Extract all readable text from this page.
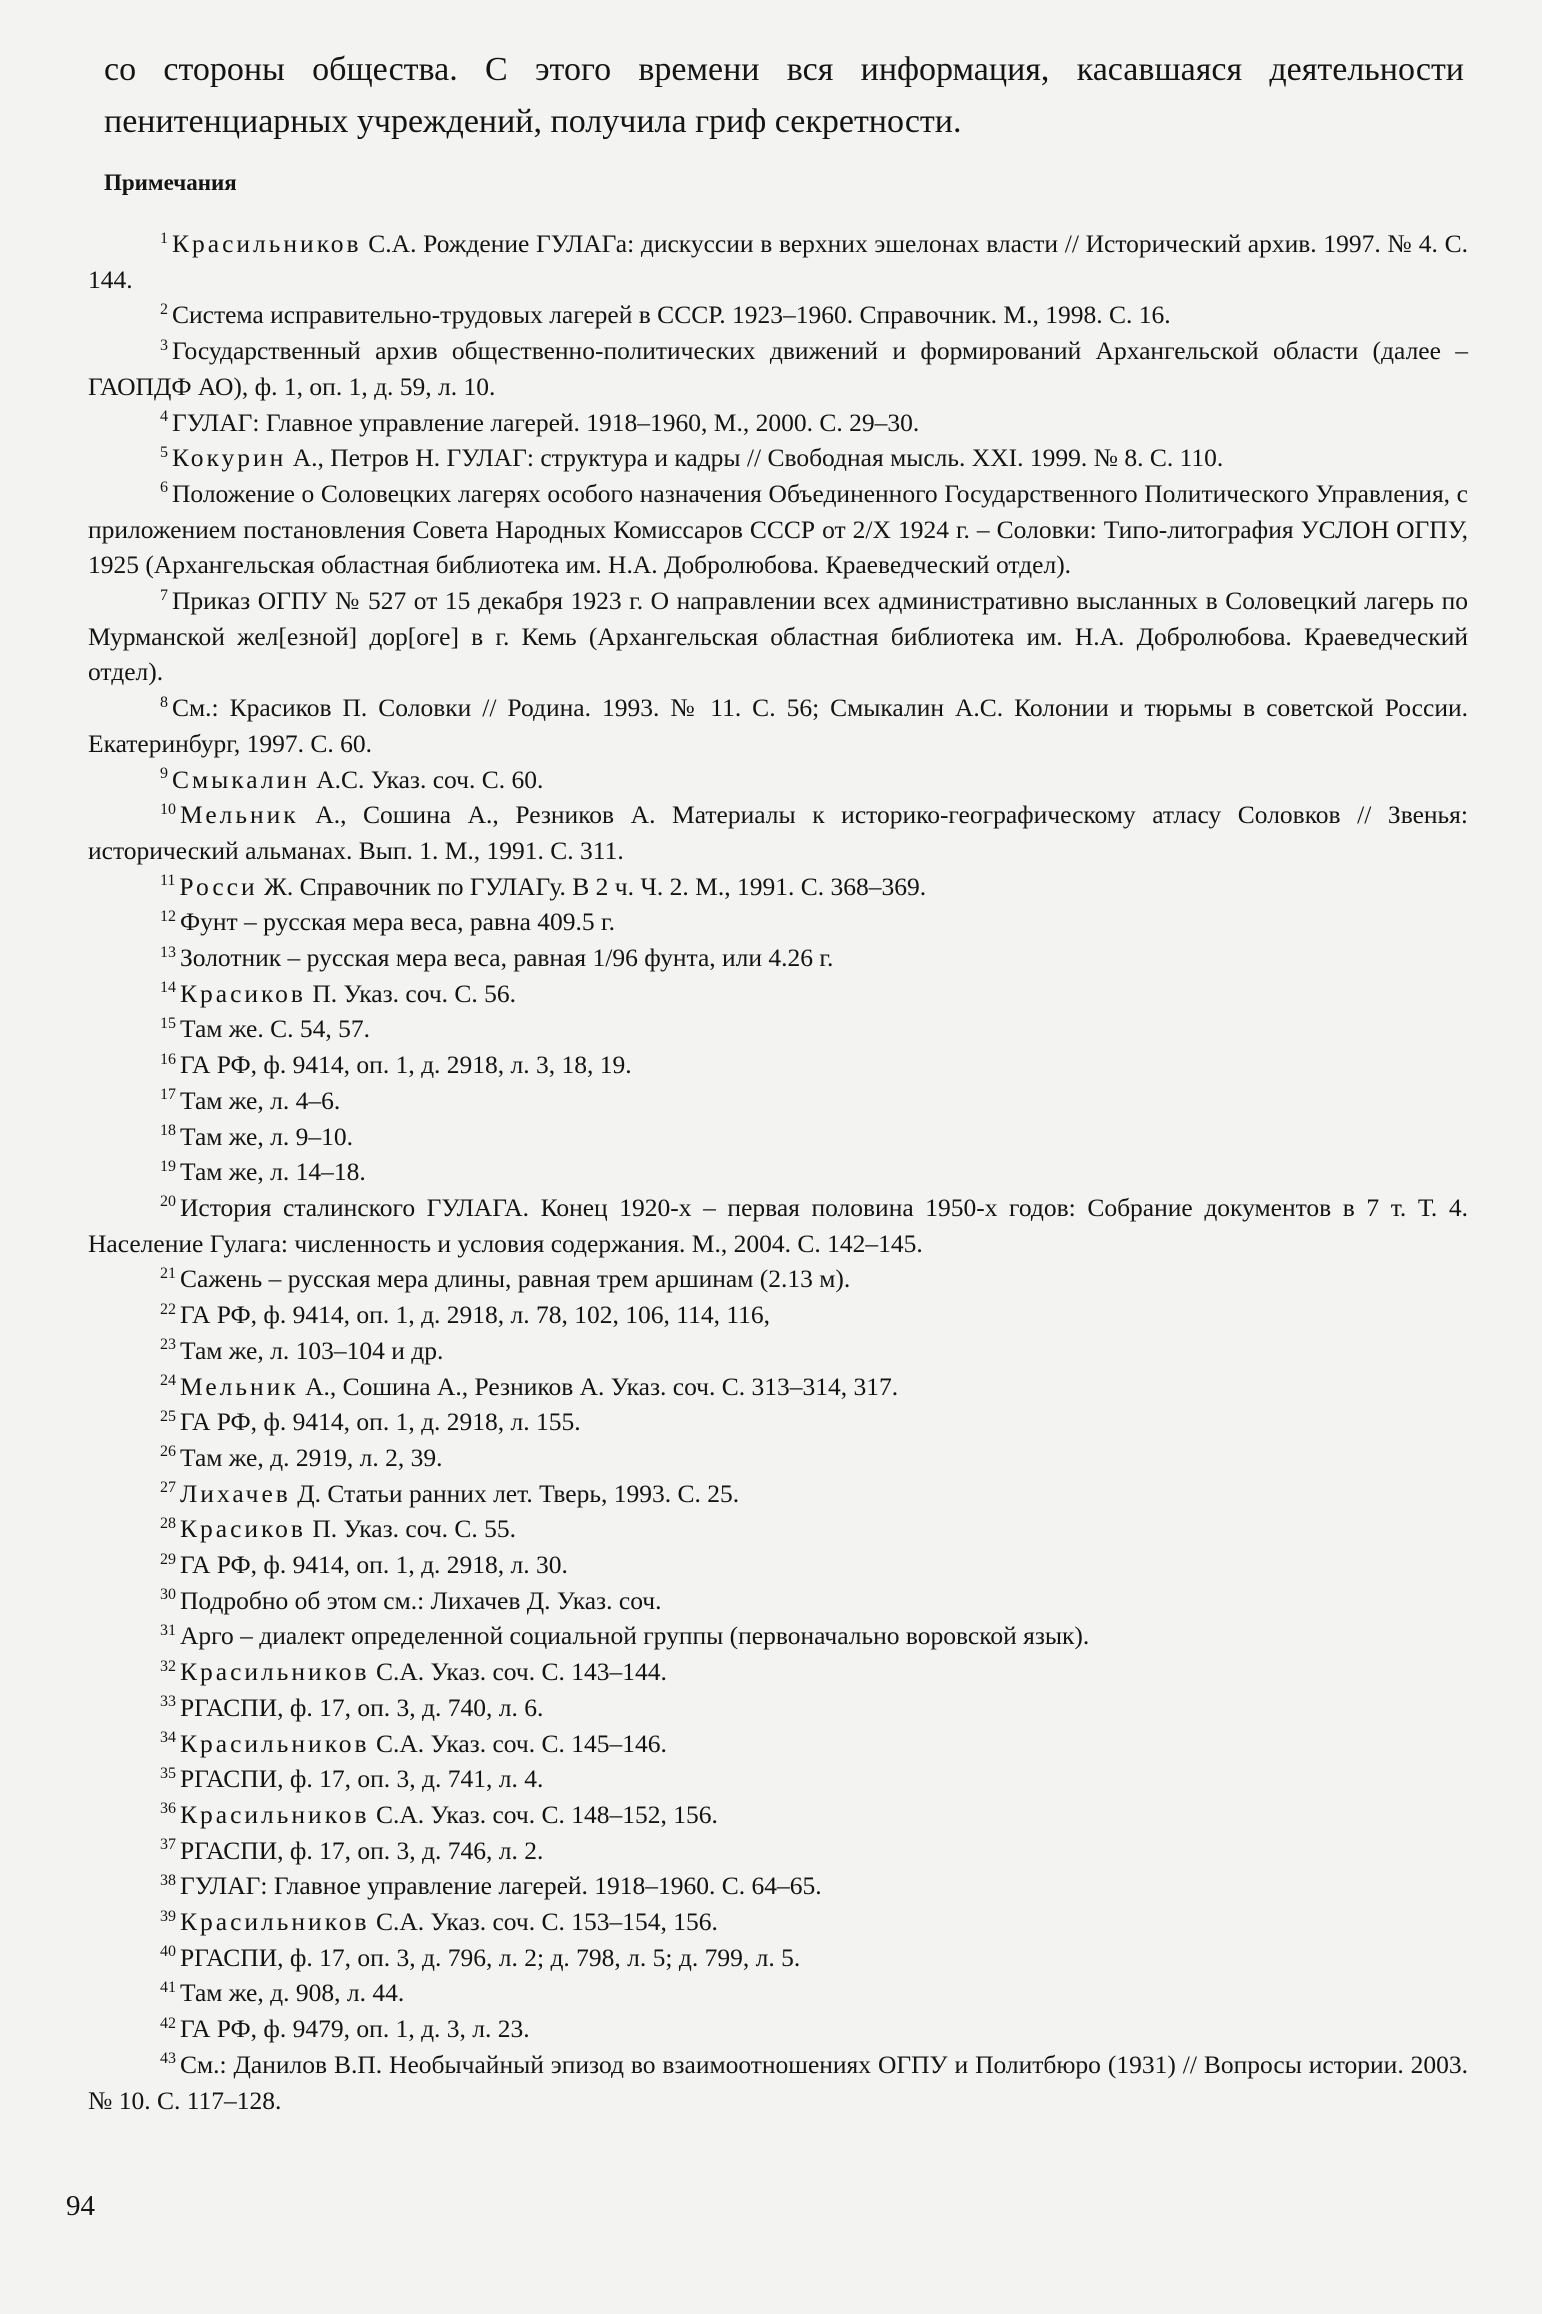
со стороны общества. С этого времени вся информация, касавшаяся деятельности пенитенциарных учреждений, получила гриф секретности.

Примечания

$^1$ Красильников С.А. Рождение ГУЛАГа: дискуссии в верхних эшелонах власти // Исторический архив. 1997. № 4. С. 144.

$^2$ Система исправительно-трудовых лагерей в СССР. 1923–1960. Справочник. М., 1998. С. 16.

$^3$ Государственный архив общественно-политических движений и формирований Архангельской области (далее – ГАОПДФ АО), ф. 1, оп. 1, д. 59, л. 10.

$^4$ ГУЛАГ: Главное управление лагерей. 1918–1960, М., 2000. С. 29–30.

$^5$ Кокурин А., Петров Н. ГУЛАГ: структура и кадры // Свободная мысль. XXI. 1999. № 8. С. 110.

$^6$ Положение о Соловецких лагерях особого назначения Объединенного Государственного Политического Управления, с приложением постановления Совета Народных Комиссаров СССР от 2/X 1924 г. – Соловки: Типо-литография УСЛОН ОГПУ, 1925 (Архангельская областная библиотека им. Н.А. Добролюбова. Краеведческий отдел).

$^7$ Приказ ОГПУ № 527 от 15 декабря 1923 г. О направлении всех административно высланных в Соловецкий лагерь по Мурманской жел[езной] дор[оге] в г. Кемь (Архангельская областная библиотека им. Н.А. Добролюбова. Краеведческий отдел).

$^8$ См.: Красиков П. Соловки // Родина. 1993. № 11. С. 56; Смыкалин А.С. Колонии и тюрьмы в советской России. Екатеринбург, 1997. С. 60.

$^9$ Смыкалин А.С. Указ. соч. С. 60.

$^{10}$ Мельник А., Сошина А., Резников А. Материалы к историко-географическому атласу Соловков // Звенья: исторический альманах. Вып. 1. М., 1991. С. 311.

$^{11}$ Росси Ж. Справочник по ГУЛАГу. В 2 ч. Ч. 2. М., 1991. С. 368–369.

$^{12}$ Фунт – русская мера веса, равна 409.5 г.

$^{13}$ Золотник – русская мера веса, равная 1/96 фунта, или 4.26 г.

$^{14}$ Красиков П. Указ. соч. С. 56.

$^{15}$ Там же. С. 54, 57.

$^{16}$ ГА РФ, ф. 9414, оп. 1, д. 2918, л. 3, 18, 19.

$^{17}$ Там же, л. 4–6.

$^{18}$ Там же, л. 9–10.

$^{19}$ Там же, л. 14–18.

$^{20}$ История сталинского ГУЛАГА. Конец 1920-х – первая половина 1950-х годов: Собрание документов в 7 т. Т. 4. Население Гулага: численность и условия содержания. М., 2004. С. 142–145.

$^{21}$ Сажень – русская мера длины, равная трем аршинам (2.13 м).

$^{22}$ ГА РФ, ф. 9414, оп. 1, д. 2918, л. 78, 102, 106, 114, 116,

$^{23}$ Там же, л. 103–104 и др.

$^{24}$ Мельник А., Сошина А., Резников А. Указ. соч. С. 313–314, 317.

$^{25}$ ГА РФ, ф. 9414, оп. 1, д. 2918, л. 155.

$^{26}$ Там же, д. 2919, л. 2, 39.

$^{27}$ Лихачев Д. Статьи ранних лет. Тверь, 1993. С. 25.

$^{28}$ Красиков П. Указ. соч. С. 55.

$^{29}$ ГА РФ, ф. 9414, оп. 1, д. 2918, л. 30.

$^{30}$ Подробно об этом см.: Лихачев Д. Указ. соч.

$^{31}$ Арго – диалект определенной социальной группы (первоначально воровской язык).

$^{32}$ Красильников С.А. Указ. соч. С. 143–144.

$^{33}$ РГАСПИ, ф. 17, оп. 3, д. 740, л. 6.

$^{34}$ Красильников С.А. Указ. соч. С. 145–146.

$^{35}$ РГАСПИ, ф. 17, оп. 3, д. 741, л. 4.

$^{36}$ Красильников С.А. Указ. соч. С. 148–152, 156.

$^{37}$ РГАСПИ, ф. 17, оп. 3, д. 746, л. 2.

$^{38}$ ГУЛАГ: Главное управление лагерей. 1918–1960. С. 64–65.

$^{39}$ Красильников С.А. Указ. соч. С. 153–154, 156.

$^{40}$ РГАСПИ, ф. 17, оп. 3, д. 796, л. 2; д. 798, л. 5; д. 799, л. 5.

$^{41}$ Там же, д. 908, л. 44.

$^{42}$ ГА РФ, ф. 9479, оп. 1, д. 3, л. 23.

$^{43}$ См.: Данилов В.П. Необычайный эпизод во взаимоотношениях ОГПУ и Политбюро (1931) // Вопросы истории. 2003. № 10. С. 117–128.

94
